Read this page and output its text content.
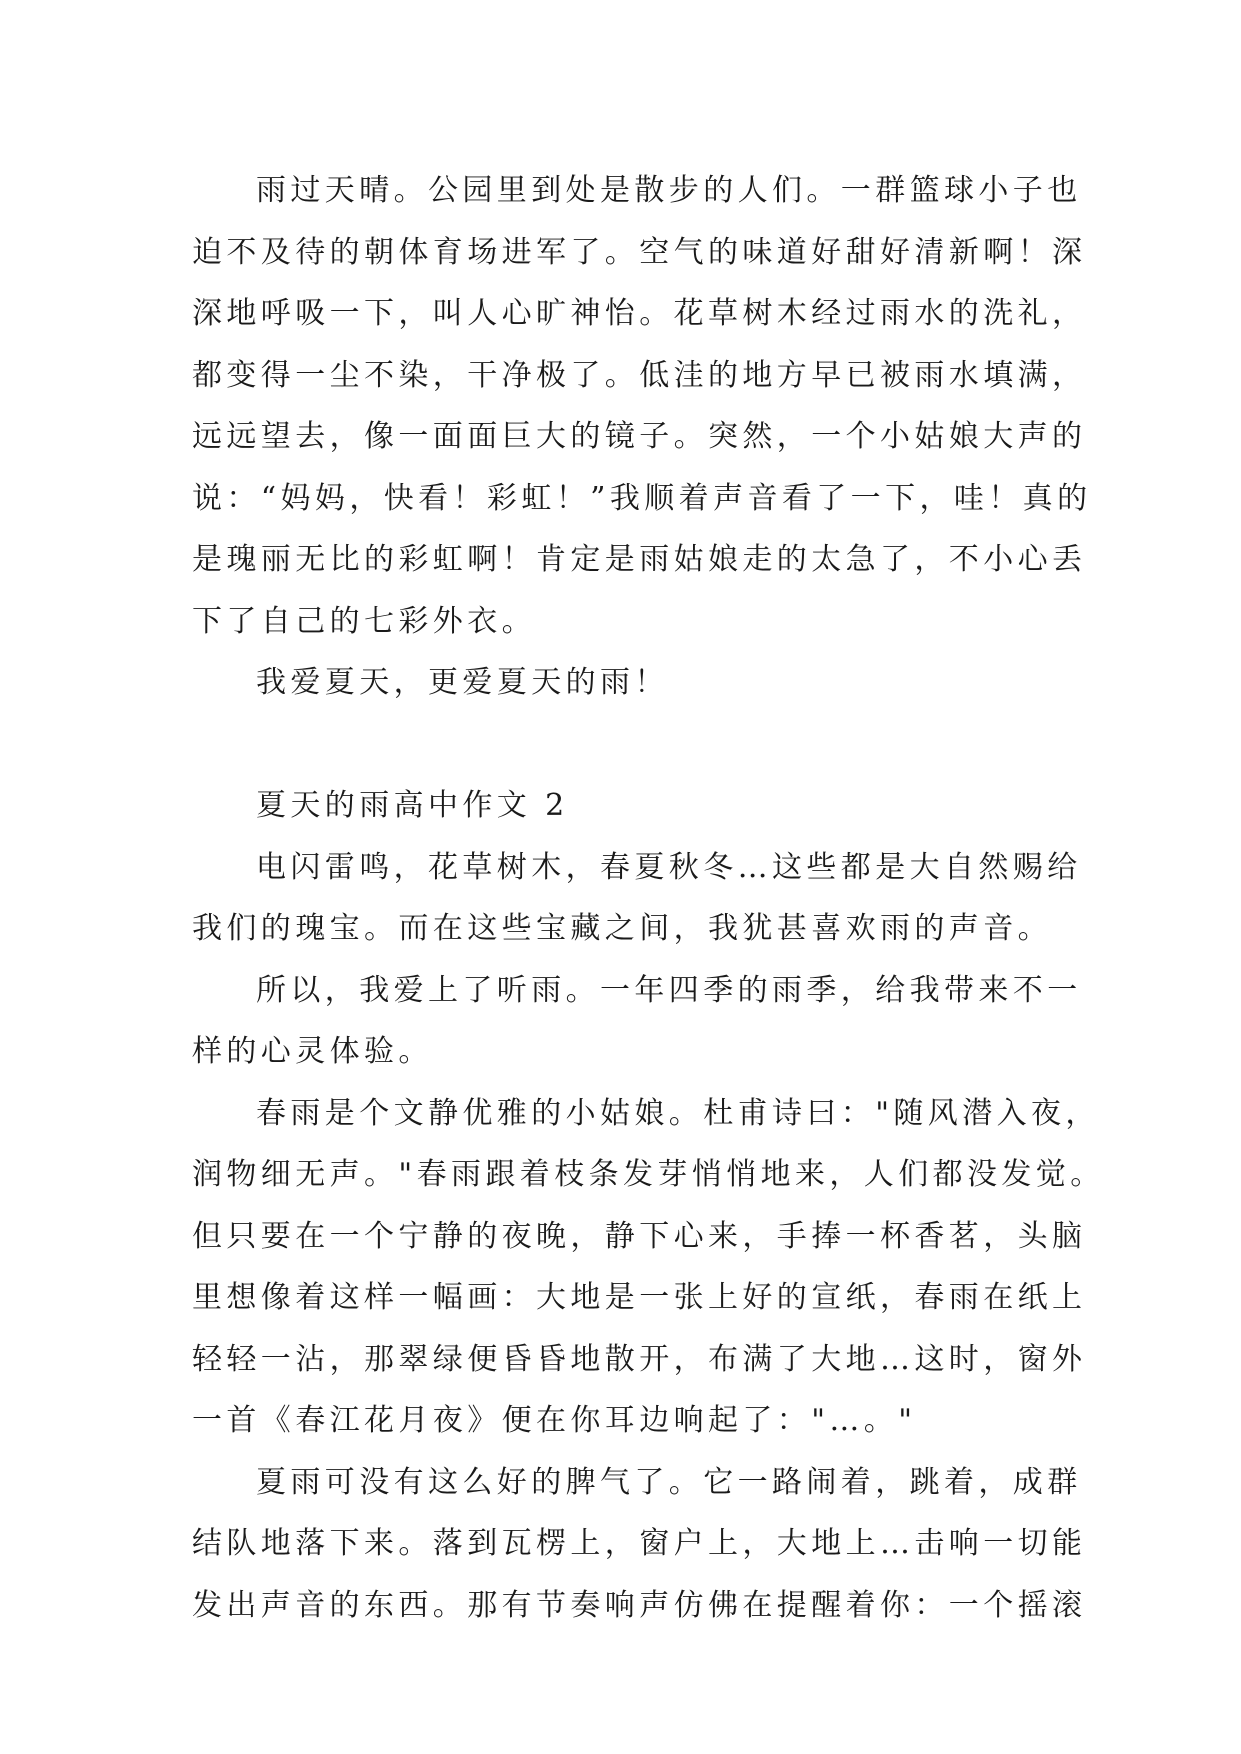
雨过天晴。公园里到处是散步的人们。一群篮球小子也
迫不及待的朝体育场进军了。空气的味道好甜好清新啊！深
深地呼吸一下，叫人心旷神怡。花草树木经过雨水的洗礼，
都变得一尘不染，干净极了。低洼的地方早已被雨水填满，
远远望去，像一面面巨大的镜子。突然，一个小姑娘大声的
说：“妈妈，快看！彩虹！”我顺着声音看了一下，哇！真的
是瑰丽无比的彩虹啊！肯定是雨姑娘走的太急了，不小心丢
下了自己的七彩外衣。
我爱夏天，更爱夏天的雨！
夏天的雨高中作文 2
电闪雷鸣，花草树木，春夏秋冬…这些都是大自然赐给
我们的瑰宝。而在这些宝藏之间，我犹甚喜欢雨的声音。
所以，我爱上了听雨。一年四季的雨季，给我带来不一
样的心灵体验。
春雨是个文静优雅的小姑娘。杜甫诗曰："随风潜入夜，
润物细无声。"春雨跟着枝条发芽悄悄地来，人们都没发觉。
但只要在一个宁静的夜晚，静下心来，手捧一杯香茗，头脑
里想像着这样一幅画：大地是一张上好的宣纸，春雨在纸上
轻轻一沾，那翠绿便昏昏地散开，布满了大地…这时，窗外
一首《春江花月夜》便在你耳边响起了："…。"
夏雨可没有这么好的脾气了。它一路闹着，跳着，成群
结队地落下来。落到瓦楞上，窗户上，大地上…击响一切能
发出声音的东西。那有节奏响声仿佛在提醒着你：一个摇滚
